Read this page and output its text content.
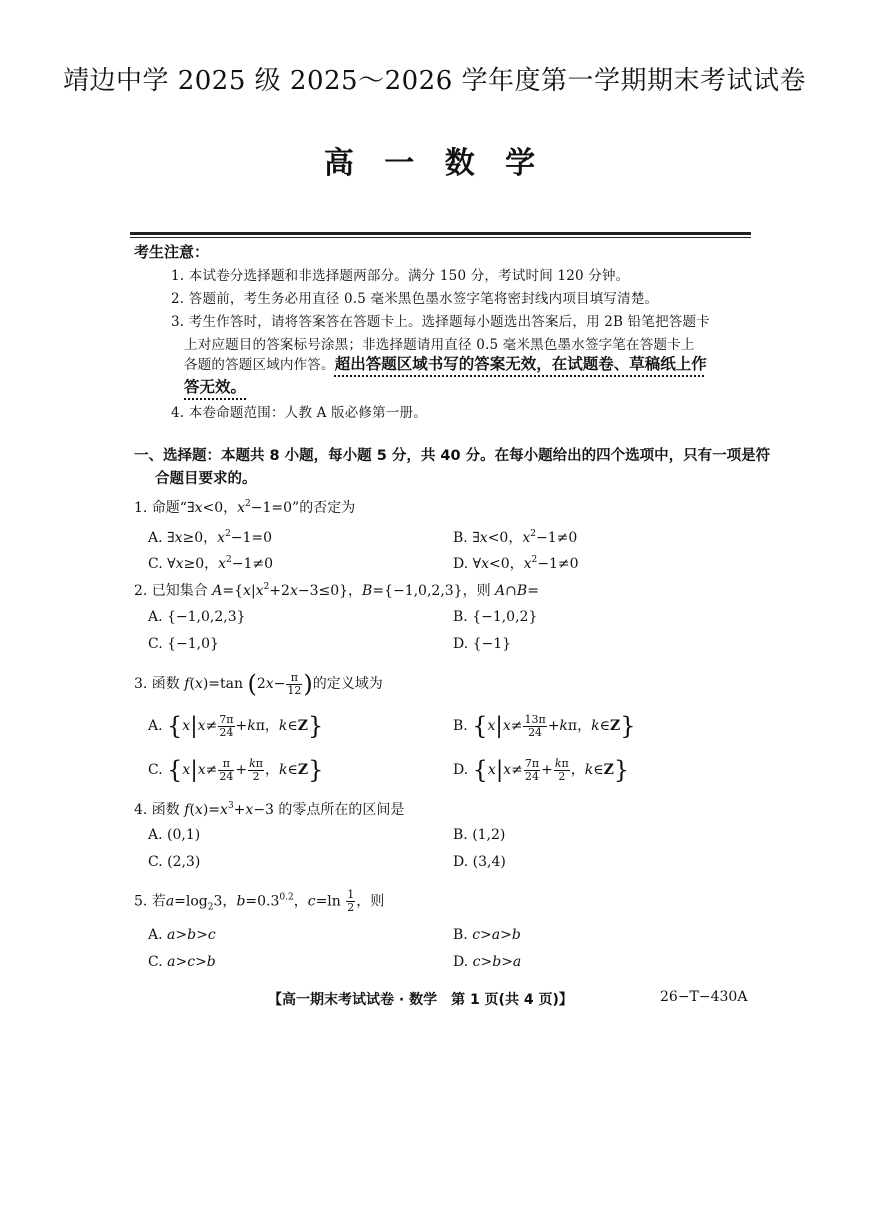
靖边中学 2025 级 2025～2026 学年度第一学期期末考试试卷
高 一 数 学
考生注意：
1. 本试卷分选择题和非选择题两部分。满分 150 分，考试时间 120 分钟。
2. 答题前，考生务必用直径 0.5 毫米黑色墨水签字笔将密封线内项目填写清楚。
3. 考生作答时，请将答案答在答题卡上。选择题每小题选出答案后，用 2B 铅笔把答题卡
上对应题目的答案标号涂黑；非选择题请用直径 0.5 毫米黑色墨水签字笔在答题卡上
各题的答题区域内作答。超出答题区域书写的答案无效，在试题卷、草稿纸上作
答无效。
4. 本卷命题范围：人教 A 版必修第一册。
一、选择题：本题共 8 小题，每小题 5 分，共 40 分。在每小题给出的四个选项中，只有一项是符
合题目要求的。
1. 命题“∃x<0，$x^2-1=0$”的否定为
A. ∃x≥0，$x^2-1=0$	B. ∃x<0，$x^2-1\ne 0$
C. ∀x≥0，$x^2-1\ne 0$	D. ∀x<0，$x^2-1\ne 0$
2. 已知集合 $A=\{x|x^2+2x-3\le 0\}$，B={−1,0,2,3}，则 A∩B=
A. {−1,0,2,3}	B. {−1,0,2}
C. {−1,0}	D. {−1}
3. 函数 f(x)=tan ($2x- \frac{\pi}{12}$ )的定义域为
A. {$x|x\ne \frac{7\pi}{24} +k\pi$，k∈Z}	B. {$x|x\ne \frac{13\pi}{24} +k\pi$，k∈Z}
C. {$x|x\ne \frac{\pi}{24} + \frac{k\pi}{2}$ ，k∈Z}	D. {$x|x\ne \frac{7\pi}{24} + \frac{k\pi}{2}$ ，k∈Z}
4. 函数 $f(x)=x^3+x-3$ 的零点所在的区间是
A. (0,1)	B. (1,2)
C. (2,3)	D. (3,4)
5. 若$a=\log_23$，$b=0.3^{0.2}$，$c=\ln \frac{1}{2}$ ，则
A. a>b>c	B. c>a>b
C. a>c>b	D. c>b>a
【高一期末考试试卷 · 数学　第 1 页(共 4 页)】	26−T−430A
